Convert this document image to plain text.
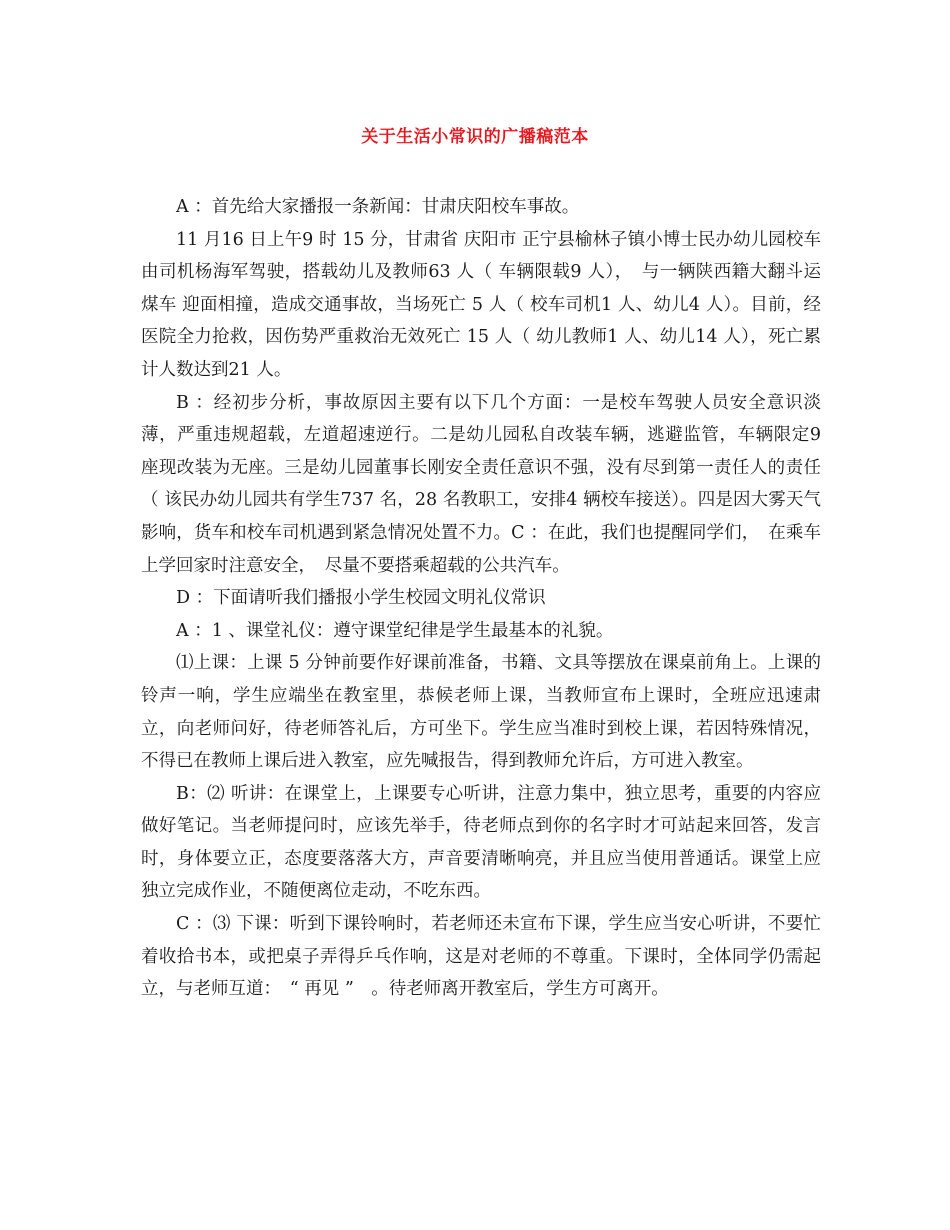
关于生活小常识的广播稿范本

A ：首先给大家播报一条新闻：甘肃庆阳校车事故。

11 月16 日上午9 时 15 分，甘肃省 庆阳市 正宁县榆林子镇小博士民办幼儿园校车由司机杨海军驾驶，搭载幼儿及教师63 人（ 车辆限载9 人），　与一辆陕西籍大翻斗运煤车 迎面相撞，造成交通事故，当场死亡 5 人（ 校车司机1 人、幼儿4 人）。目前，经医院全力抢救，因伤势严重救治无效死亡 15 人（ 幼儿教师1 人、幼儿14 人），死亡累计人数达到21 人。

B ：经初步分析，事故原因主要有以下几个方面：一是校车驾驶人员安全意识淡薄，严重违规超载，左道超速逆行。二是幼儿园私自改装车辆，逃避监管，车辆限定9 座现改装为无座。三是幼儿园董事长刚安全责任意识不强，没有尽到第一责任人的责任（ 该民办幼儿园共有学生737 名，28 名教职工，安排4 辆校车接送）。四是因大雾天气影响，货车和校车司机遇到紧急情况处置不力。C ：在此，我们也提醒同学们，　在乘车上学回家时注意安全，　尽量不要搭乘超载的公共汽车。

D ：下面请听我们播报小学生校园文明礼仪常识

A ：1 、课堂礼仪：遵守课堂纪律是学生最基本的礼貌。

⑴上课：上课 5 分钟前要作好课前准备，书籍、文具等摆放在课桌前角上。上课的铃声一响，学生应端坐在教室里，恭候老师上课，当教师宣布上课时，全班应迅速肃立，向老师问好，待老师答礼后，方可坐下。学生应当准时到校上课，若因特殊情况，不得已在教师上课后进入教室，应先喊报告，得到教师允许后，方可进入教室。

B：⑵ 听讲：在课堂上，上课要专心听讲，注意力集中，独立思考，重要的内容应做好笔记。当老师提问时，应该先举手，待老师点到你的名字时才可站起来回答，发言时，身体要立正，态度要落落大方，声音要清晰响亮，并且应当使用普通话。课堂上应独立完成作业，不随便离位走动，不吃东西。

C ：⑶ 下课：听到下课铃响时，若老师还未宣布下课，学生应当安心听讲，不要忙着收拾书本，或把桌子弄得乒乓作响，这是对老师的不尊重。下课时，全体同学仍需起立，与老师互道：　“ 再见 ”　。待老师离开教室后，学生方可离开。
